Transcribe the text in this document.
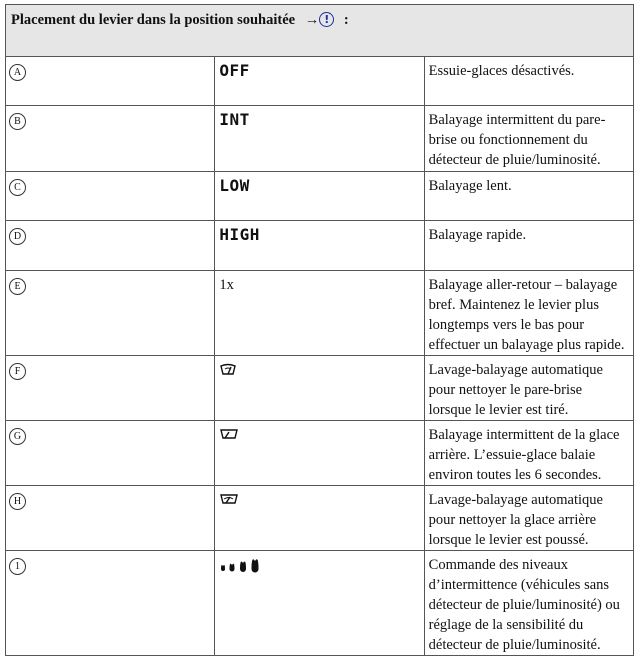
Placement du levier dans la position souhaitée → ! :		
A	OFF	Essuie-glaces désactivés.
B	INT	Balayage intermittent du pare-brise ou fonctionnement du détecteur de pluie/luminosité.
C	LOW	Balayage lent.
D	HIGH	Balayage rapide.
E	1x	Balayage aller-retour – balayage bref. Maintenez le levier plus longtemps vers le bas pour effectuer un balayage plus rapide.
F		Lavage-balayage automatique pour nettoyer le pare-brise lorsque le levier est tiré.
G		Balayage intermittent de la glace arrière. L’essuie-glace balaie environ toutes les 6 secondes.
H		Lavage-balayage automatique pour nettoyer la glace arrière lorsque le levier est poussé.
1		Commande des niveaux d’intermittence (véhicules sans détecteur de pluie/luminosité) ou réglage de la sensibilité du détecteur de pluie/luminosité.
